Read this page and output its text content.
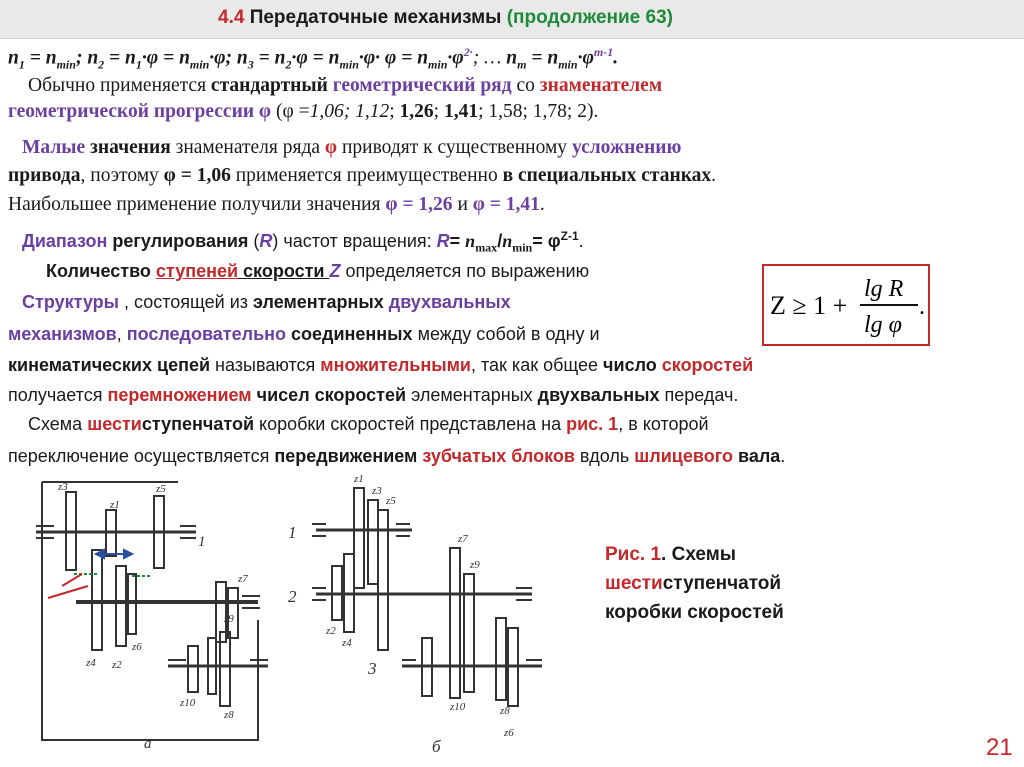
4.4 Передаточные механизмы (продолжение 63)
$n_1 = n_{min}$; $n_2 = n_1\cdot\varphi = n_{min}\cdot\varphi$; $n_3 = n_2\cdot\varphi = n_{min}\cdot\varphi\cdot \varphi = n_{min}\cdot\varphi^{2\cdot}$; … $n_m = n_{min}\cdot\varphi^{m-1}$.
Обычно применяется стандартный геометрический ряд со знаменателем
геометрической прогрессии φ (φ =1,06; 1,12; 1,26; 1,41; 1,58; 1,78; 2).
Малые значения знаменателя ряда φ приводят к существенному усложнению
привода, поэтому φ = 1,06 применяется преимущественно в специальных станках.
Наибольшее применение получили значения φ = 1,26 и φ = 1,41.
Диапазон регулирования (R) частот вращения: $R= n_{max}/n_{min}= \varphi^{Z-1}$.
Количество ступеней скорости Z определяется по выражению
Структуры , состоящей из элементарных двухвальных
механизмов, последовательно соединенных между собой в одну и
кинематических цепей называются множительными, так как общее число скоростей
получается перемножением чисел скоростей элементарных двухвальных передач.
Схема шестиступенчатой коробки скоростей представлена на рис. 1, в которой
переключение осуществляется передвижением зубчатых блоков вдоль шлицевого вала.
Z ≥ 1 +
lg R
lg φ
.
z3
z1
z5
z4 z2
z6
z7
z9
z10
z8
1
а
z1
z3
z2
z4
z5
z7
z9
z8
z10
z6
1
2
3
б
Рис. 1. Схемы
шестиступенчатой
коробки скоростей
21
